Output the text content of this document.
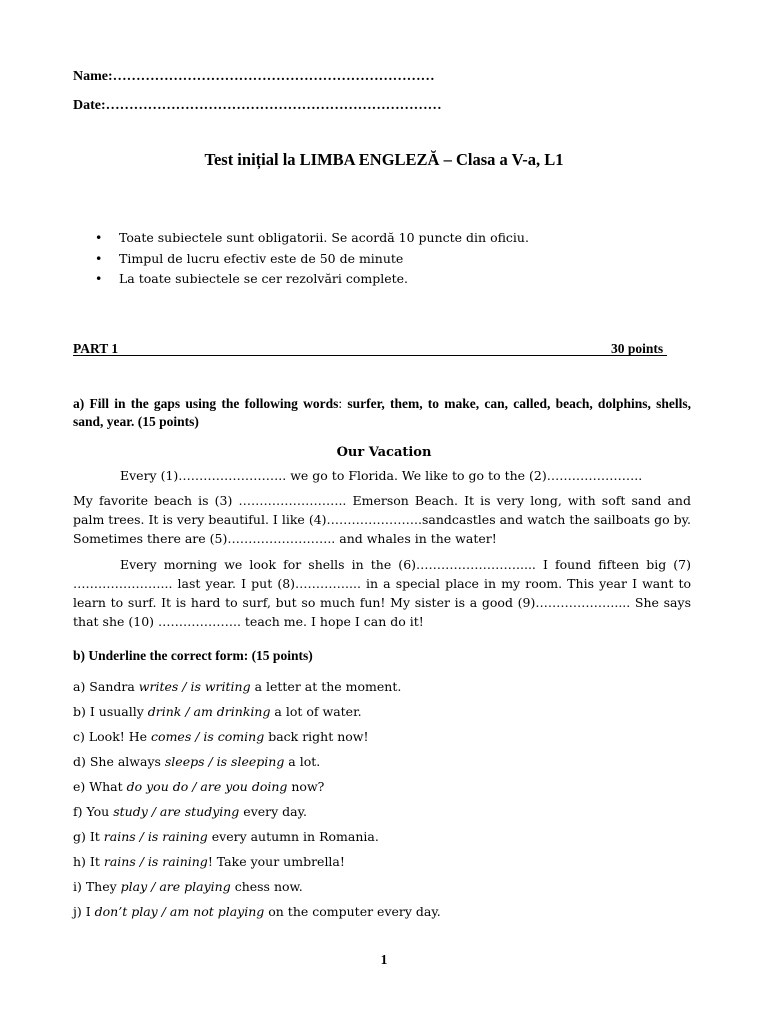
Name:……………………………………………………………
Date:………………………………………………………………
Test inițial la LIMBA ENGLEZĂ – Clasa a V-a, L1
• Toate subiectele sunt obligatorii. Se acordă 10 puncte din oficiu.
• Timpul de lucru efectiv este de 50 de minute
• La toate subiectele se cer rezolvări complete.
PART 1	30 points
a) Fill in the gaps using the following words: surfer, them, to make, can, called, beach, dolphins, shells, sand, year. (15 points)
Our Vacation
Every (1)…………………….. we go to Florida. We like to go to the (2)…………………..
My favorite beach is (3) …………………….. Emerson Beach. It is very long, with soft sand and palm trees. It is very beautiful. I like (4)…………………..sandcastles and watch the sailboats go by. Sometimes there are (5)…………………….. and whales in the water!
Every morning we look for shells in the (6)……………………..... I found fifteen big (7) …………………... last year. I put (8)………….... in a special place in my room. This year I want to learn to surf. It is hard to surf, but so much fun! My sister is a good (9)………………..... She says that she (10) ……………….. teach me. I hope I can do it!
b) Underline the correct form: (15 points)
a) Sandra writes / is writing a letter at the moment.
b) I usually drink / am drinking a lot of water.
c) Look! He comes / is coming back right now!
d) She always sleeps / is sleeping a lot.
e) What do you do / are you doing now?
f) You study / are studying every day.
g) It rains / is raining every autumn in Romania.
h) It rains / is raining! Take your umbrella!
i) They play / are playing chess now.
j) I don’t play / am not playing on the computer every day.
1
